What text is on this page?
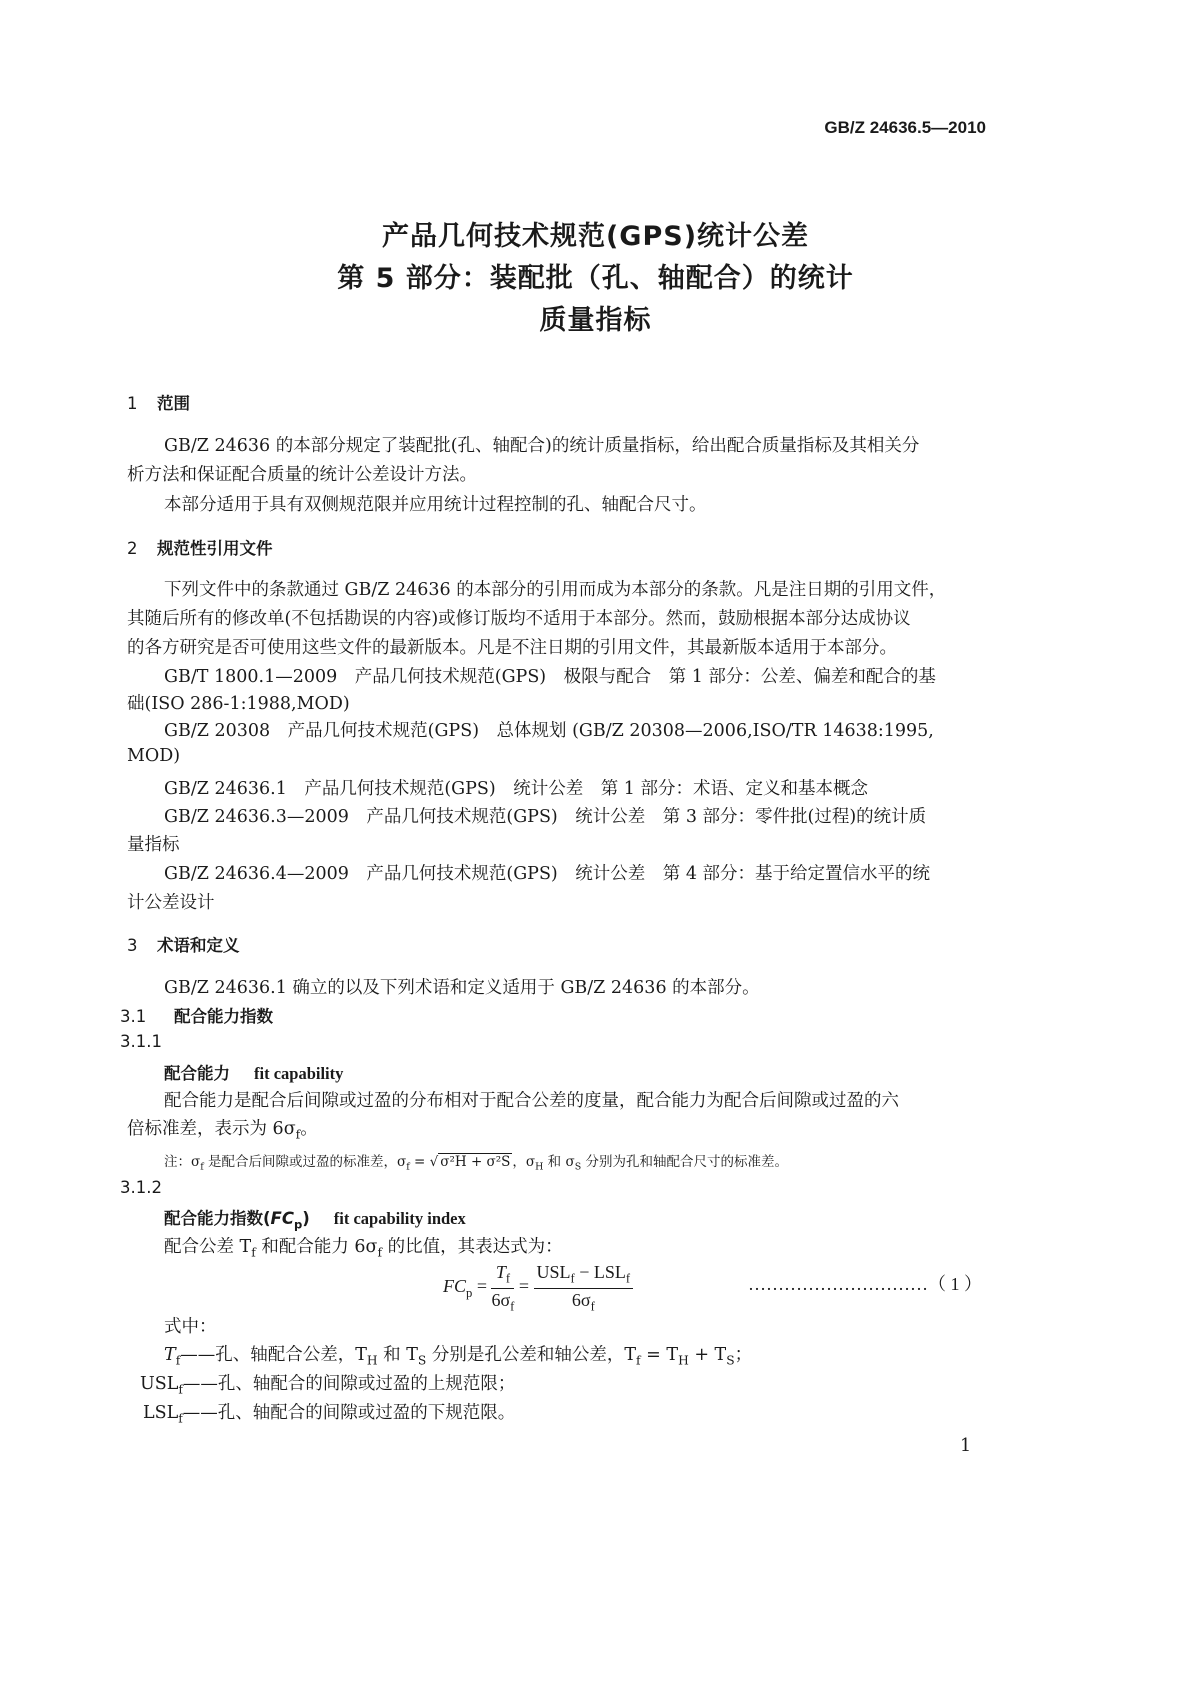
GB/Z 24636.5—2010
产品几何技术规范(GPS)统计公差
第 5 部分：装配批（孔、轴配合）的统计
质量指标
1 范围
GB/Z 24636 的本部分规定了装配批(孔、轴配合)的统计质量指标，给出配合质量指标及其相关分
析方法和保证配合质量的统计公差设计方法。
本部分适用于具有双侧规范限并应用统计过程控制的孔、轴配合尺寸。
2 规范性引用文件
下列文件中的条款通过 GB/Z 24636 的本部分的引用而成为本部分的条款。凡是注日期的引用文件，
其随后所有的修改单(不包括勘误的内容)或修订版均不适用于本部分。然而，鼓励根据本部分达成协议
的各方研究是否可使用这些文件的最新版本。凡是不注日期的引用文件，其最新版本适用于本部分。
GB/T 1800.1—2009　产品几何技术规范(GPS)　极限与配合　第 1 部分：公差、偏差和配合的基
础(ISO 286-1:1988,MOD)
GB/Z 20308　产品几何技术规范(GPS)　总体规划 (GB/Z 20308—2006,ISO/TR 14638:1995,
MOD)
GB/Z 24636.1　产品几何技术规范(GPS)　统计公差　第 1 部分：术语、定义和基本概念
GB/Z 24636.3—2009　产品几何技术规范(GPS)　统计公差　第 3 部分：零件批(过程)的统计质
量指标
GB/Z 24636.4—2009　产品几何技术规范(GPS)　统计公差　第 4 部分：基于给定置信水平的统
计公差设计
3 术语和定义
GB/Z 24636.1 确立的以及下列术语和定义适用于 GB/Z 24636 的本部分。
3.1 配合能力指数
3.1.1
配合能力 fit capability
配合能力是配合后间隙或过盈的分布相对于配合公差的度量，配合能力为配合后间隙或过盈的六
倍标准差，表示为 $6\sigma_f$。
注：$\sigma_f$ 是配合后间隙或过盈的标准差，$\sigma_f$ = √ σ²H + σ²S ，$\sigma_H$ 和 $\sigma_S$ 分别为孔和轴配合尺寸的标准差。
3.1.2
配合能力指数$(FC_p)$ fit capability index
配合公差 $T_f$ 和配合能力 $6\sigma_f$ 的比值，其表达式为：
$FC_p = \frac{T_f}{6\sigma_f} = \frac{USL_f - LSL_f}{6\sigma_f}$	…………………………（ 1 ）
式中：
$T_f——$孔、轴配合公差，$T_H$ 和 $T_S$ 分别是孔公差和轴公差，$T_f = T_H + T_S$；
$USL_f——$孔、轴配合的间隙或过盈的上规范限；
$LSL_f——$孔、轴配合的间隙或过盈的下规范限。
1
